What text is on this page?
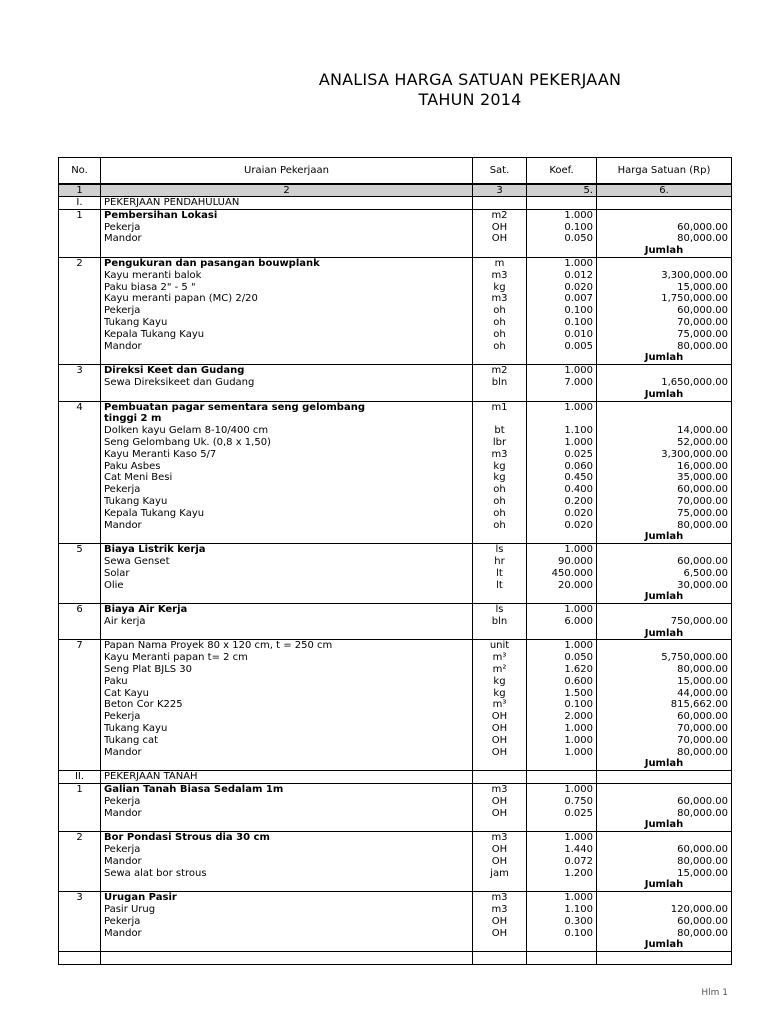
ANALISA HARGA SATUAN PEKERJAAN
TAHUN 2014
No.	Uraian Pekerjaan	Sat.	Koef.	Harga Satuan (Rp)
1	2	3	5.	6.
I.	PEKERJAAN PENDAHULUAN			
1	Pembersihan Lokasi	m2	1.000	
	Pekerja	OH	0.100	60,000.00
	Mandor	OH	0.050	80,000.00
				Jumlah
2	Pengukuran dan pasangan bouwplank	m	1.000	
	Kayu meranti balok	m3	0.012	3,300,000.00
	Paku biasa 2" - 5 "	kg	0.020	15,000.00
	Kayu meranti papan (MC) 2/20	m3	0.007	1,750,000.00
	Pekerja	oh	0.100	60,000.00
	Tukang Kayu	oh	0.100	70,000.00
	Kepala Tukang Kayu	oh	0.010	75,000.00
	Mandor	oh	0.005	80,000.00
				Jumlah
3	Direksi Keet dan Gudang	m2	1.000	
	Sewa Direksikeet dan Gudang	bln	7.000	1,650,000.00
				Jumlah
4	Pembuatan pagar sementara seng gelombang	m1	1.000	
	tinggi 2 m			
	Dolken kayu Gelam 8-10/400 cm	bt	1.100	14,000.00
	Seng Gelombang Uk. (0,8 x 1,50)	lbr	1.000	52,000.00
	Kayu Meranti Kaso 5/7	m3	0.025	3,300,000.00
	Paku Asbes	kg	0.060	16,000.00
	Cat Meni Besi	kg	0.450	35,000.00
	Pekerja	oh	0.400	60,000.00
	Tukang Kayu	oh	0.200	70,000.00
	Kepala Tukang Kayu	oh	0.020	75,000.00
	Mandor	oh	0.020	80,000.00
				Jumlah
5	Biaya Listrik kerja	ls	1.000	
	Sewa Genset	hr	90.000	60,000.00
	Solar	lt	450.000	6,500.00
	Olie	lt	20.000	30,000.00
				Jumlah
6	Biaya Air Kerja	ls	1.000	
	Air kerja	bln	6.000	750,000.00
				Jumlah
7	Papan Nama Proyek 80 x 120 cm, t = 250 cm	unit	1.000	
	Kayu Meranti papan t= 2 cm	m³	0.050	5,750,000.00
	Seng Plat BJLS 30	m²	1.620	80,000.00
	Paku	kg	0.600	15,000.00
	Cat Kayu	kg	1.500	44,000.00
	Beton Cor K225	m³	0.100	815,662.00
	Pekerja	OH	2.000	60,000.00
	Tukang Kayu	OH	1.000	70,000.00
	Tukang cat	OH	1.000	70,000.00
	Mandor	OH	1.000	80,000.00
				Jumlah
II.	PEKERJAAN TANAH			
1	Galian Tanah Biasa Sedalam 1m	m3	1.000	
	Pekerja	OH	0.750	60,000.00
	Mandor	OH	0.025	80,000.00
				Jumlah
2	Bor Pondasi Strous dia 30 cm	m3	1.000	
	Pekerja	OH	1.440	60,000.00
	Mandor	OH	0.072	80,000.00
	Sewa alat bor strous	jam	1.200	15,000.00
				Jumlah
3	Urugan Pasir	m3	1.000	
	Pasir Urug	m3	1.100	120,000.00
	Pekerja	OH	0.300	60,000.00
	Mandor	OH	0.100	80,000.00
				Jumlah

Hlm 1
